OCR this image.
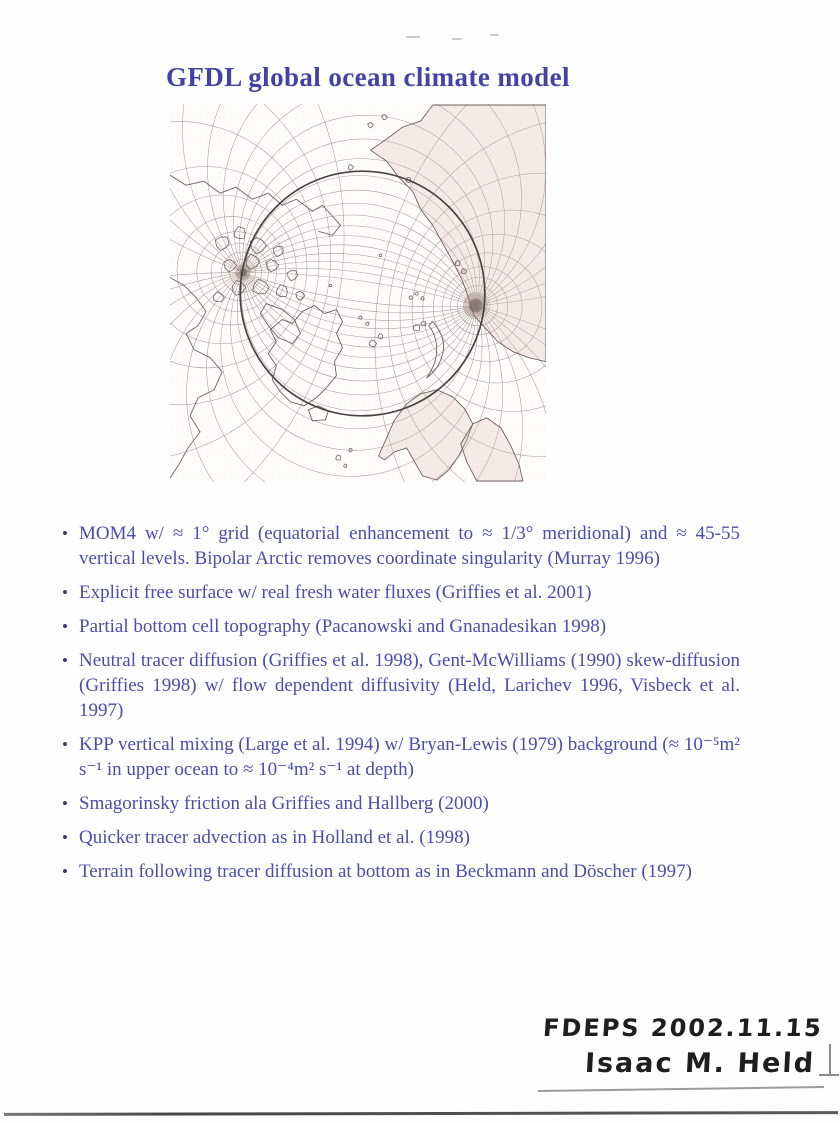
GFDL global ocean climate model
• MOM4 w/ ≈ 1° grid (equatorial enhancement to ≈ 1/3° meridional) and ≈ 45-55 vertical levels. Bipolar Arctic removes coordinate singularity (Murray 1996)
• Explicit free surface w/ real fresh water fluxes (Griffies et al. 2001)
• Partial bottom cell topography (Pacanowski and Gnanadesikan 1998)
• Neutral tracer diffusion (Griffies et al. 1998), Gent-McWilliams (1990) skew-diffusion (Griffies 1998) w/ flow dependent diffusivity (Held, Larichev 1996, Visbeck et al. 1997)
• KPP vertical mixing (Large et al. 1994) w/ Bryan-Lewis (1979) background (≈ 10⁻⁵m² s⁻¹ in upper ocean to ≈ 10⁻⁴m² s⁻¹ at depth)
• Smagorinsky friction ala Griffies and Hallberg (2000)
• Quicker tracer advection as in Holland et al. (1998)
• Terrain following tracer diffusion at bottom as in Beckmann and Döscher (1997)
FDEPS 2002.11.15
Isaac M. Held
